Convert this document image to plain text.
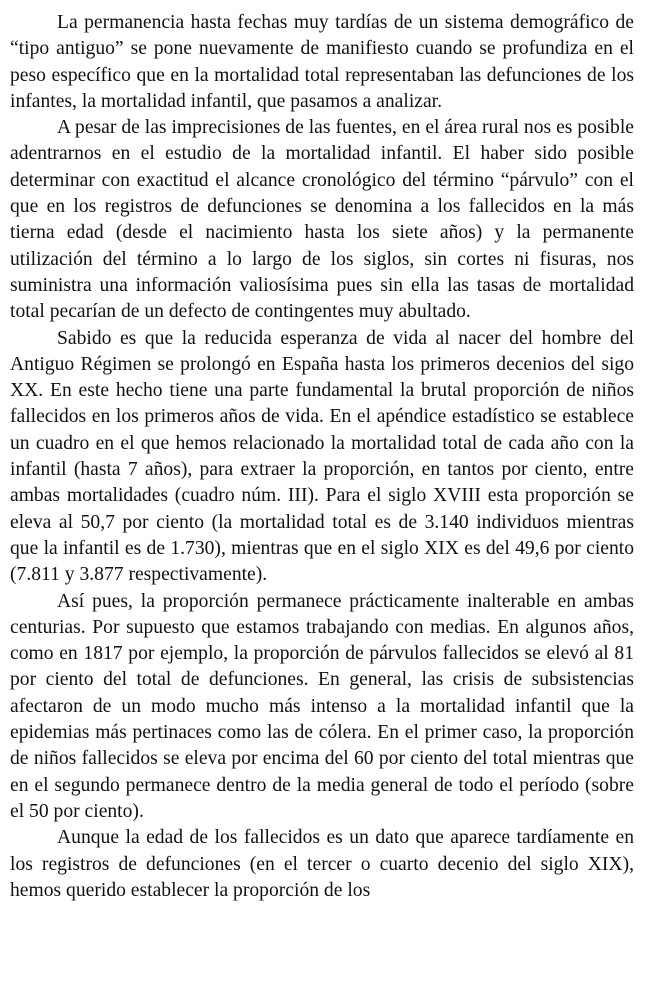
La permanencia hasta fechas muy tardías de un sistema demográfico de “tipo antiguo” se pone nuevamente de manifiesto cuando se profundiza en el peso específico que en la mortalidad total representaban las defunciones de los infantes, la mortalidad infantil, que pasamos a analizar.

A pesar de las imprecisiones de las fuentes, en el área rural nos es posible adentrarnos en el estudio de la mortalidad infantil. El haber sido posible determinar con exactitud el alcance cronológico del término “párvulo” con el que en los registros de defunciones se denomina a los fallecidos en la más tierna edad (desde el nacimiento hasta los siete años) y la permanente utilización del término a lo largo de los siglos, sin cortes ni fisuras, nos suministra una información valiosísima pues sin ella las tasas de mortalidad total pecarían de un defecto de contingentes muy abultado.

Sabido es que la reducida esperanza de vida al nacer del hombre del Antiguo Régimen se prolongó en España hasta los primeros decenios del sigo XX. En este hecho tiene una parte fundamental la brutal proporción de niños fallecidos en los primeros años de vida. En el apéndice estadístico se establece un cuadro en el que hemos relacionado la mortalidad total de cada año con la infantil (hasta 7 años), para extraer la proporción, en tantos por ciento, entre ambas mortalidades (cuadro núm. III). Para el siglo XVIII esta proporción se eleva al 50,7 por ciento (la mortalidad total es de 3.140 individuos mientras que la infantil es de 1.730), mientras que en el siglo XIX es del 49,6 por ciento (7.811 y 3.877 respectivamente).

Así pues, la proporción permanece prácticamente inalterable en ambas centurias. Por supuesto que estamos trabajando con medias. En algunos años, como en 1817 por ejemplo, la proporción de párvulos fallecidos se elevó al 81 por ciento del total de defunciones. En general, las crisis de subsistencias afectaron de un modo mucho más intenso a la mortalidad infantil que la epidemias más pertinaces como las de cólera. En el primer caso, la proporción de niños fallecidos se eleva por encima del 60 por ciento del total mientras que en el segundo permanece dentro de la media general de todo el período (sobre el 50 por ciento).

Aunque la edad de los fallecidos es un dato que aparece tardíamente en los registros de defunciones (en el tercer o cuarto decenio del siglo XIX), hemos querido establecer la proporción de los
